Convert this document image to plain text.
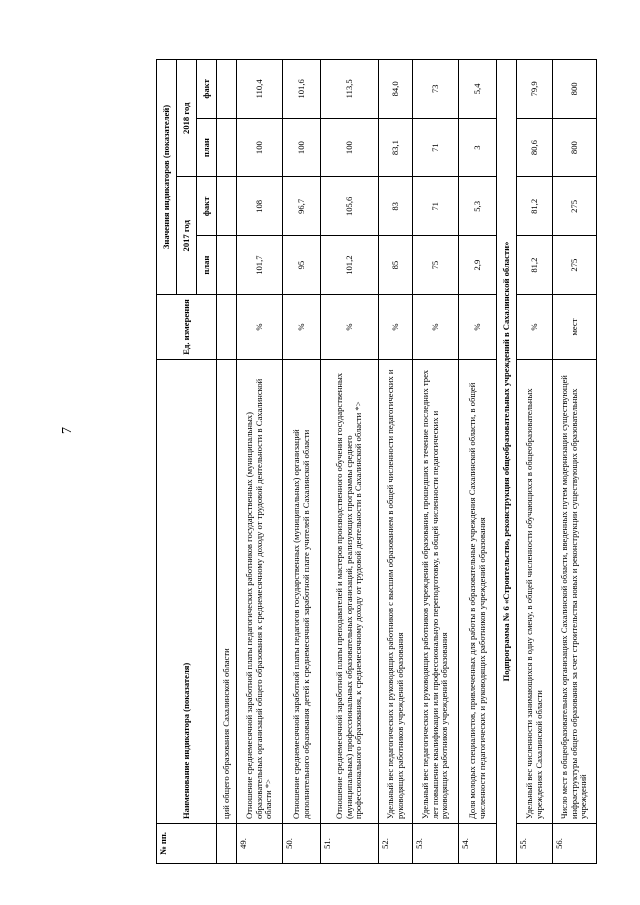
7
№ пп.	Наименование индикатора (показателя)	Ед. измерения	Значения индикаторов (показателей)			
			2017 год		2018 год	
			план	факт	план	факт
	ций общего образования Сахалинской области					
49.	Отношение среднемесячной заработной платы педагогических работников государственных (муниципальных) образовательных организаций общего образования к среднемесячному доходу от трудовой деятельности в Сахалинской области *>	%	101,7	108	100	110,4
50.	Отношение среднемесячной заработной платы педагогов государственных (муниципальных) организаций дополнительного образования детей к среднемесячной заработной плате учителей в Сахалинской области	%	95	96,7	100	101,6
51.	Отношение среднемесячной заработной платы преподавателей и мастеров производственного обучения государственных (муниципальных) профессиональных образовательных организаций, реализующих программы среднего профессионального образования, к среднемесячному доходу от трудовой деятельности в Сахалинской области *>	%	101,2	105,6	100	113,5
52.	Удельный вес педагогических и руководящих работников с высшим образованием в общей численности педагогических и руководящих работников учреждений образования	%	85	83	83,1	84,0
53.	Удельный вес педагогических и руководящих работников учреждений образования, прошедших в течение последних трех лет повышение квалификации или профессиональную переподготовку, в общей численности педагогических и руководящих работников учреждений образования	%	75	71	71	73
54.	Доля молодых специалистов, привлеченных для работы в образовательные учреждения Сахалинской области, в общей численности педагогических и руководящих работников учреждений образования	%	2,9	5,3	3	5,4
Подпрограмма № 6 «Строительство, реконструкция общеобразовательных учреждений в Сахалинской области»						
55.	Удельный вес численности занимающихся в одну смену, в общей численности обучающихся в общеобразовательных учреждениях Сахалинской области	%	81,2	81,2	80,6	79,9
56.	Число мест в общеобразовательных организациях Сахалинской области, введенных путем модернизации существующей инфраструктуры общего образования за счет строительства новых и реконструкции существующих образовательных учреждений	мест	275	275	800	800
